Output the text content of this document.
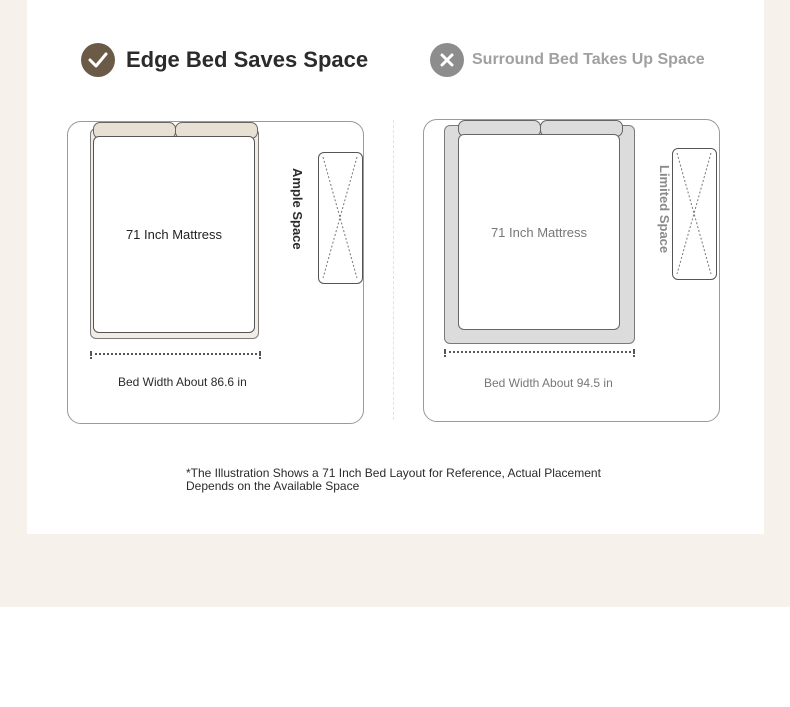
Edge Bed Saves Space	Surround Bed Takes Up Space
71 Inch Mattress	Ample Space
Bed Width About 86.6 in
71 Inch Mattress	Limited Space
Bed Width About 94.5 in
*The Illustration Shows a 71 Inch Bed Layout for Reference, Actual Placement Depends on the Available Space
